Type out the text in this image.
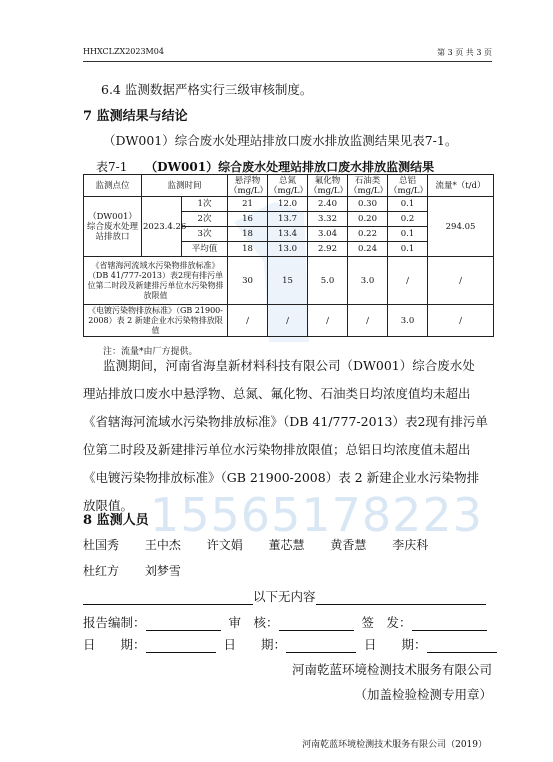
HHXCLZX2023M04	第 3 页 共 3 页
6.4 监测数据严格实行三级审核制度。
7 监测结果与结论
（DW001）综合废水处理站排放口废水排放监测结果见表7-1。
表7-1 （DW001）综合废水处理站排放口废水排放监测结果
监测点位	监测时间		悬浮物（mg/L）	总氮（mg/L）	氟化物（mg/L）	石油类（mg/L）	总铝（mg/L）	流量*（t/d）
（DW001）综合废水处理站排放口	2023.4.26	1次	21	12.0	2.40	0.30	0.1	294.05
		2次	16	13.7	3.32	0.20	0.2	
		3次	18	13.4	3.04	0.22	0.1	
		平均值	18	13.0	2.92	0.24	0.1	
《省辖海河流域水污染物排放标准》（DB 41/777-2013）表2现有排污单位第二时段及新建排污单位水污染物排放限值			30	15	5.0	3.0	/	/
《电镀污染物排放标准》（GB 21900-2008）表 2 新建企业水污染物排放限值			/	/	/	/	3.0	/
注：流量*由厂方提供。
监测期间，河南省海皇新材料科技有限公司（DW001）综合废水处
理站排放口废水中悬浮物、总氮、氟化物、石油类日均浓度值均未超出
《省辖海河流域水污染物排放标准》（DB 41/777-2013）表2现有排污单
位第二时段及新建排污单位水污染物排放限值；总铝日均浓度值未超出
《电镀污染物排放标准》（GB 21900-2008）表 2 新建企业水污染物排
放限值。 15565178223
8 监测人员
杜国秀 王中杰 许文娟 董芯慧 黄香慧 李庆科
杜红方 刘梦雪
以下无内容
报告编制：	审　核：	签　发：
日　　期：	日　　期：	日　　期：
河南乾蓝环境检测技术服务有限公司
（加盖检验检测专用章）
河南乾蓝环境检测技术服务有限公司（2019）
